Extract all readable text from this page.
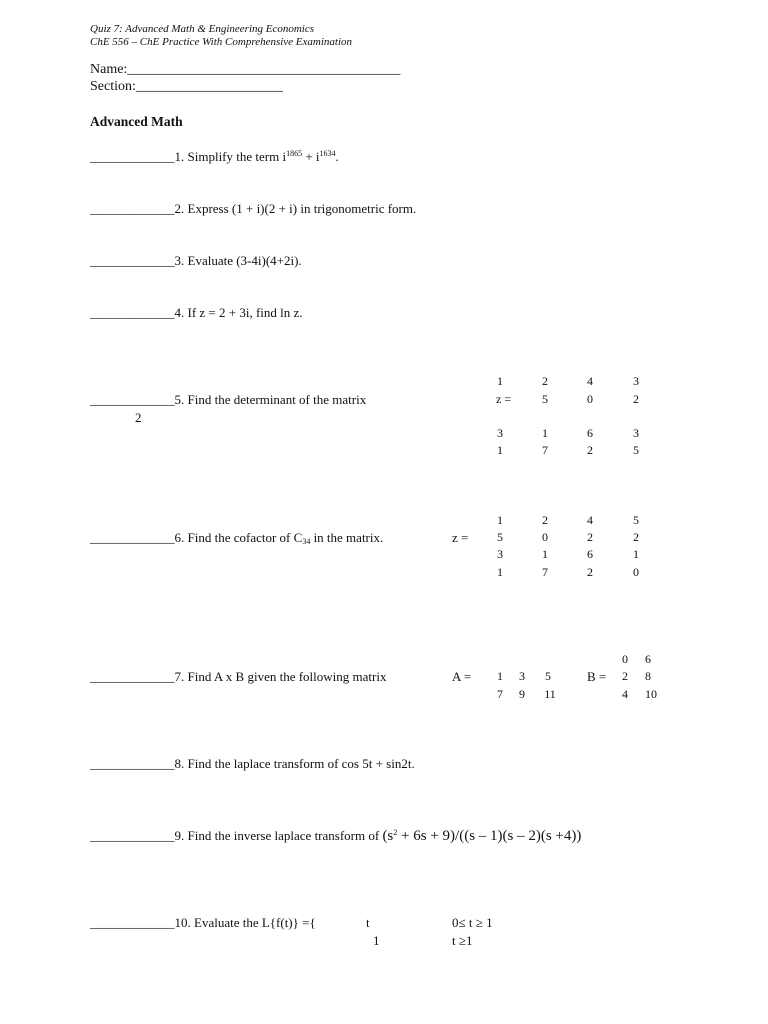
Quiz 7: Advanced Math & Engineering Economics
ChE 556 – ChE Practice With Comprehensive Examination
Name:_______________________________________
Section:_____________________
Advanced Math
_____________1. Simplify the term $i^{1865} + i^{1634}$.
_____________2. Express (1 + i)(2 + i) in trigonometric form.
_____________3. Evaluate (3-4i)(4+2i).
_____________4. If z = 2 + 3i, find ln z.
_____________5. Find the determinant of the matrix
2
1	2	4	3
z =	5	0	2
3	1	6	3
1	7	2	5
_____________6. Find the cofactor of $C_{34}$ in the matrix.	z =
1	2	4	5
5	0	2	2
3	1	6	1
1	7	2	0
_____________7. Find A x B given the following matrix	A =	1	3	5
7	9	11
B =
0	6
2	8
4	10
_____________8. Find the laplace transform of cos 5t + sin2t.
_____________9. Find the inverse laplace transform of $(s^2 + 6s + 9)/((s - 1)(s - 2)(s +4))$
_____________10. Evaluate the L{f(t)} ={	t	0≤ t ≥ 1
1	t ≥1
